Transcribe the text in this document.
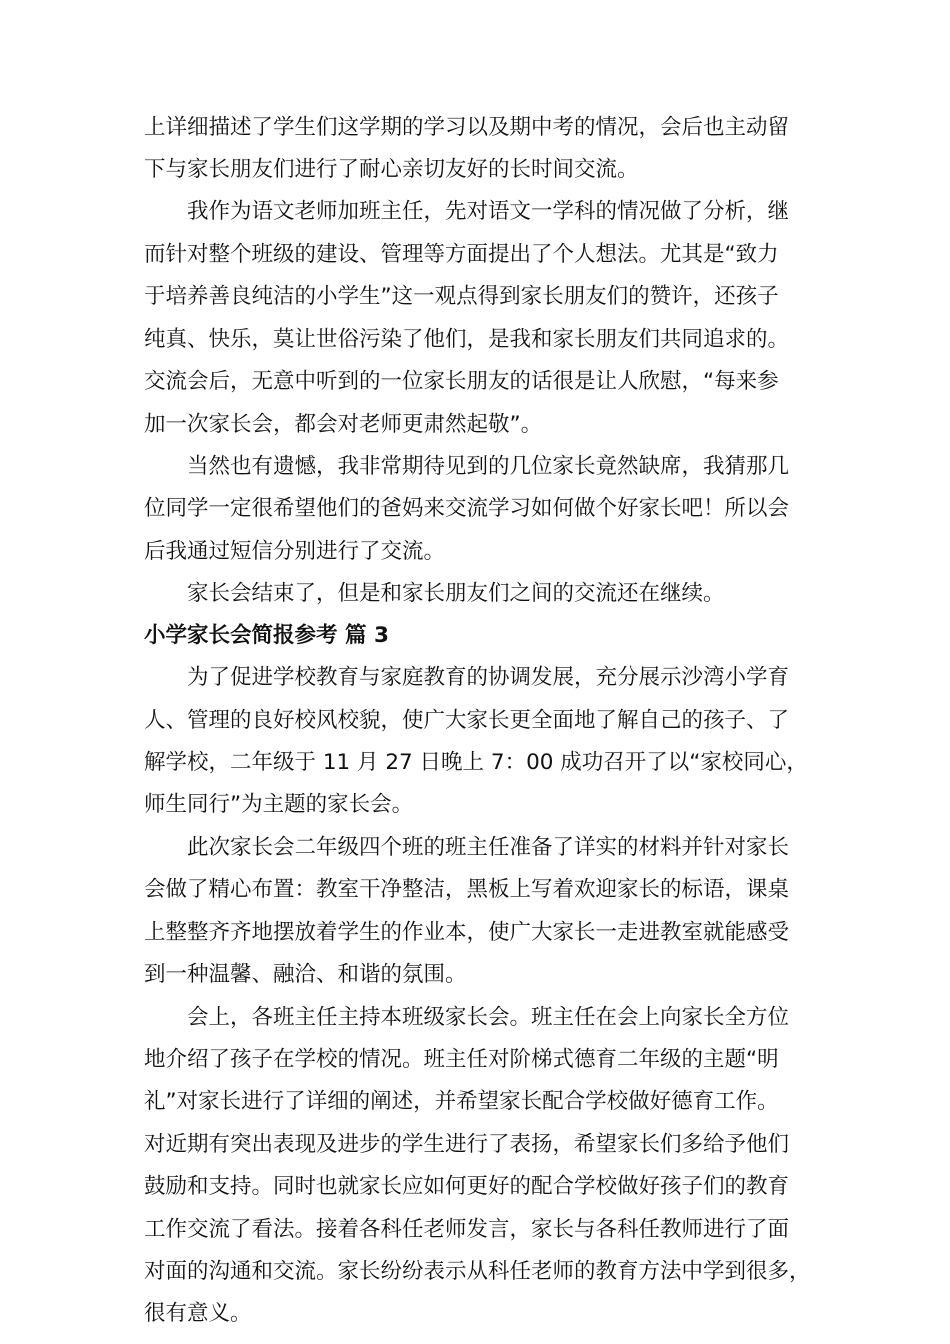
上详细描述了学生们这学期的学习以及期中考的情况，会后也主动留
下与家长朋友们进行了耐心亲切友好的长时间交流。
我作为语文老师加班主任，先对语文一学科的情况做了分析，继
而针对整个班级的建设、管理等方面提出了个人想法。尤其是“致力
于培养善良纯洁的小学生”这一观点得到家长朋友们的赞许，还孩子
纯真、快乐，莫让世俗污染了他们，是我和家长朋友们共同追求的。
交流会后，无意中听到的一位家长朋友的话很是让人欣慰，“每来参
加一次家长会，都会对老师更肃然起敬”。
当然也有遗憾，我非常期待见到的几位家长竟然缺席，我猜那几
位同学一定很希望他们的爸妈来交流学习如何做个好家长吧！所以会
后我通过短信分别进行了交流。
家长会结束了，但是和家长朋友们之间的交流还在继续。
小学家长会简报参考 篇 3
为了促进学校教育与家庭教育的协调发展，充分展示沙湾小学育
人、管理的良好校风校貌，使广大家长更全面地了解自己的孩子、了
解学校，二年级于 11 月 27 日晚上 7：00 成功召开了以“家校同心，
师生同行”为主题的家长会。
此次家长会二年级四个班的班主任准备了详实的材料并针对家长
会做了精心布置：教室干净整洁，黑板上写着欢迎家长的标语，课桌
上整整齐齐地摆放着学生的作业本，使广大家长一走进教室就能感受
到一种温馨、融洽、和谐的氛围。
会上，各班主任主持本班级家长会。班主任在会上向家长全方位
地介绍了孩子在学校的情况。班主任对阶梯式德育二年级的主题“明
礼”对家长进行了详细的阐述，并希望家长配合学校做好德育工作。
对近期有突出表现及进步的学生进行了表扬，希望家长们多给予他们
鼓励和支持。同时也就家长应如何更好的配合学校做好孩子们的教育
工作交流了看法。接着各科任老师发言，家长与各科任教师进行了面
对面的沟通和交流。家长纷纷表示从科任老师的教育方法中学到很多，
很有意义。
